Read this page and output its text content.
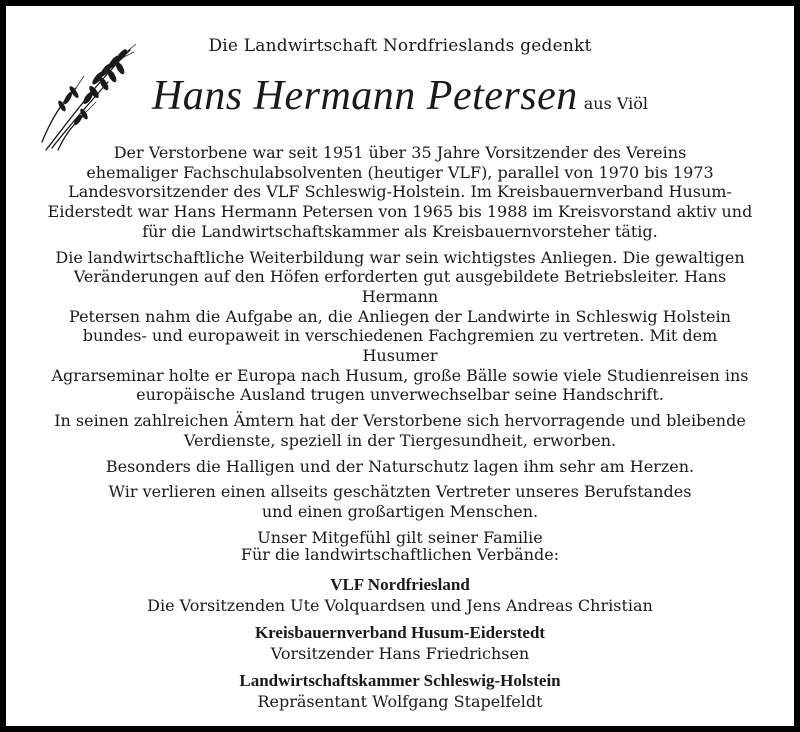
Die Landwirtschaft Nordfrieslands gedenkt
Hans Hermann Petersen aus Viöl

Der Verstorbene war seit 1951 über 35 Jahre Vorsitzender des Vereins
ehemaliger Fachschulabsolventen (heutiger VLF), parallel von 1970 bis 1973
Landesvorsitzender des VLF Schleswig-Holstein. Im Kreisbauernverband Husum-
Eiderstedt war Hans Hermann Petersen von 1965 bis 1988 im Kreisvorstand aktiv und
für die Landwirtschaftskammer als Kreisbauernvorsteher tätig.

Die landwirtschaftliche Weiterbildung war sein wichtigstes Anliegen. Die gewaltigen
Veränderungen auf den Höfen erforderten gut ausgebildete Betriebsleiter. Hans Hermann
Petersen nahm die Aufgabe an, die Anliegen der Landwirte in Schleswig Holstein
bundes- und europaweit in verschiedenen Fachgremien zu vertreten. Mit dem Husumer
Agrarseminar holte er Europa nach Husum, große Bälle sowie viele Studienreisen ins
europäische Ausland trugen unverwechselbar seine Handschrift.

In seinen zahlreichen Ämtern hat der Verstorbene sich hervorragende und bleibende
Verdienste, speziell in der Tiergesundheit, erworben.

Besonders die Halligen und der Naturschutz lagen ihm sehr am Herzen.

Wir verlieren einen allseits geschätzten Vertreter unseres Berufstandes
und einen großartigen Menschen.

Unser Mitgefühl gilt seiner Familie

Für die landwirtschaftlichen Verbände:
VLF Nordfriesland
Die Vorsitzenden Ute Volquardsen und Jens Andreas Christian
Kreisbauernverband Husum-Eiderstedt
Vorsitzender Hans Friedrichsen
Landwirtschaftskammer Schleswig-Holstein
Repräsentant Wolfgang Stapelfeldt
